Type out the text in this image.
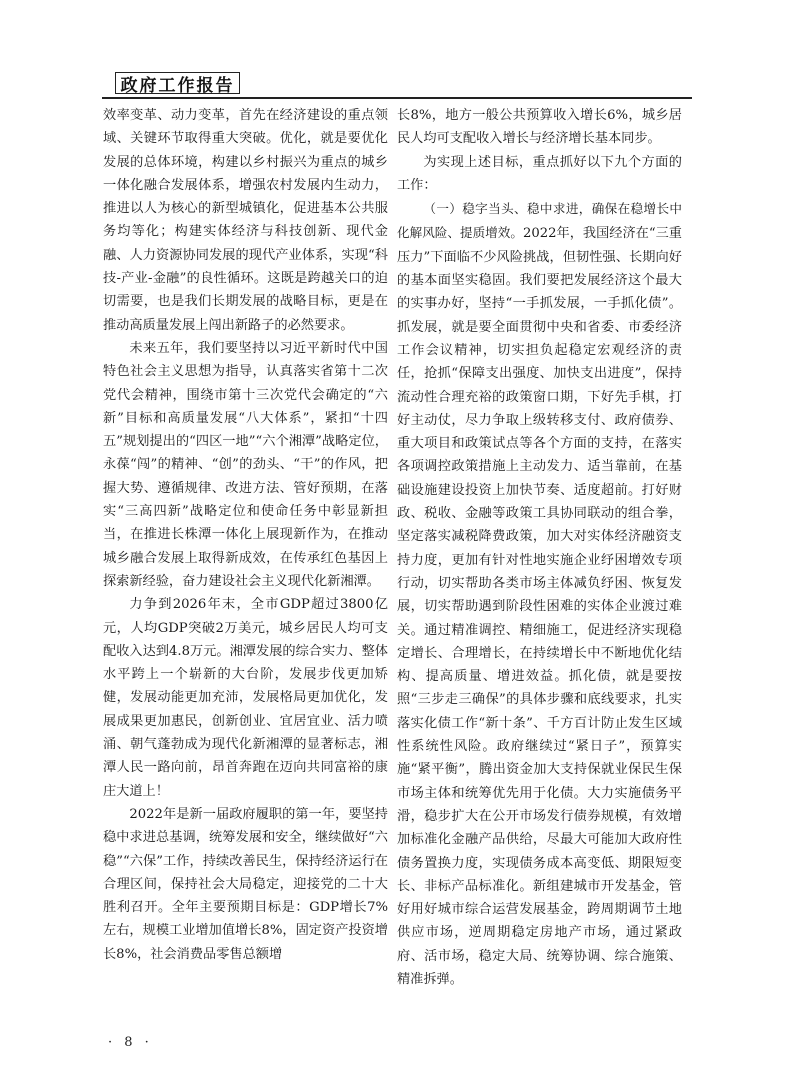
政府工作报告

效率变革、动力变革，首先在经济建设的重点领域、关键环节取得重大突破。优化，就是要优化发展的总体环境，构建以乡村振兴为重点的城乡一体化融合发展体系，增强农村发展内生动力，推进以人为核心的新型城镇化，促进基本公共服务均等化；构建实体经济与科技创新、现代金融、人力资源协同发展的现代产业体系，实现“科技-产业-金融”的良性循环。这既是跨越关口的迫切需要，也是我们长期发展的战略目标，更是在推动高质量发展上闯出新路子的必然要求。

未来五年，我们要坚持以习近平新时代中国特色社会主义思想为指导，认真落实省第十二次党代会精神，围绕市第十三次党代会确定的“六新”目标和高质量发展“八大体系”，紧扣“十四五”规划提出的“四区一地”“六个湘潭”战略定位，永葆“闯”的精神、“创”的劲头、“干”的作风，把握大势、遵循规律、改进方法、管好预期，在落实“三高四新”战略定位和使命任务中彰显新担当，在推进长株潭一体化上展现新作为，在推动城乡融合发展上取得新成效，在传承红色基因上探索新经验，奋力建设社会主义现代化新湘潭。

力争到2026年末，全市GDP超过3800亿元，人均GDP突破2万美元，城乡居民人均可支配收入达到4.8万元。湘潭发展的综合实力、整体水平跨上一个崭新的大台阶，发展步伐更加矫健，发展动能更加充沛，发展格局更加优化，发展成果更加惠民，创新创业、宜居宜业、活力喷涌、朝气蓬勃成为现代化新湘潭的显著标志，湘潭人民一路向前，昂首奔跑在迈向共同富裕的康庄大道上！

2022年是新一届政府履职的第一年，要坚持稳中求进总基调，统筹发展和安全，继续做好“六稳”“六保”工作，持续改善民生，保持经济运行在合理区间，保持社会大局稳定，迎接党的二十大胜利召开。全年主要预期目标是：GDP增长7%左右，规模工业增加值增长8%，固定资产投资增长8%，社会消费品零售总额增

长8%，地方一般公共预算收入增长6%，城乡居民人均可支配收入增长与经济增长基本同步。

为实现上述目标，重点抓好以下九个方面的工作：

（一）稳字当头、稳中求进，确保在稳增长中化解风险、提质增效。2022年，我国经济在“三重压力”下面临不少风险挑战，但韧性强、长期向好的基本面坚实稳固。我们要把发展经济这个最大的实事办好，坚持“一手抓发展，一手抓化债”。抓发展，就是要全面贯彻中央和省委、市委经济工作会议精神，切实担负起稳定宏观经济的责任，抢抓“保障支出强度、加快支出进度”，保持流动性合理充裕的政策窗口期，下好先手棋，打好主动仗，尽力争取上级转移支付、政府债券、重大项目和政策试点等各个方面的支持，在落实各项调控政策措施上主动发力、适当靠前，在基础设施建设投资上加快节奏、适度超前。打好财政、税收、金融等政策工具协同联动的组合拳，坚定落实减税降费政策，加大对实体经济融资支持力度，更加有针对性地实施企业纾困增效专项行动，切实帮助各类市场主体减负纾困、恢复发展，切实帮助遇到阶段性困难的实体企业渡过难关。通过精准调控、精细施工，促进经济实现稳定增长、合理增长，在持续增长中不断地优化结构、提高质量、增进效益。抓化债，就是要按照“三步走三确保”的具体步骤和底线要求，扎实落实化债工作“新十条”、千方百计防止发生区域性系统性风险。政府继续过“紧日子”，预算实施“紧平衡”，腾出资金加大支持保就业保民生保市场主体和统筹优先用于化债。大力实施债务平滑，稳步扩大在公开市场发行债券规模，有效增加标准化金融产品供给，尽最大可能加大政府性债务置换力度，实现债务成本高变低、期限短变长、非标产品标准化。新组建城市开发基金，管好用好城市综合运营发展基金，跨周期调节土地供应市场，逆周期稳定房地产市场，通过紧政府、活市场，稳定大局、统筹协调、综合施策、精准拆弹。

· 8 ·
